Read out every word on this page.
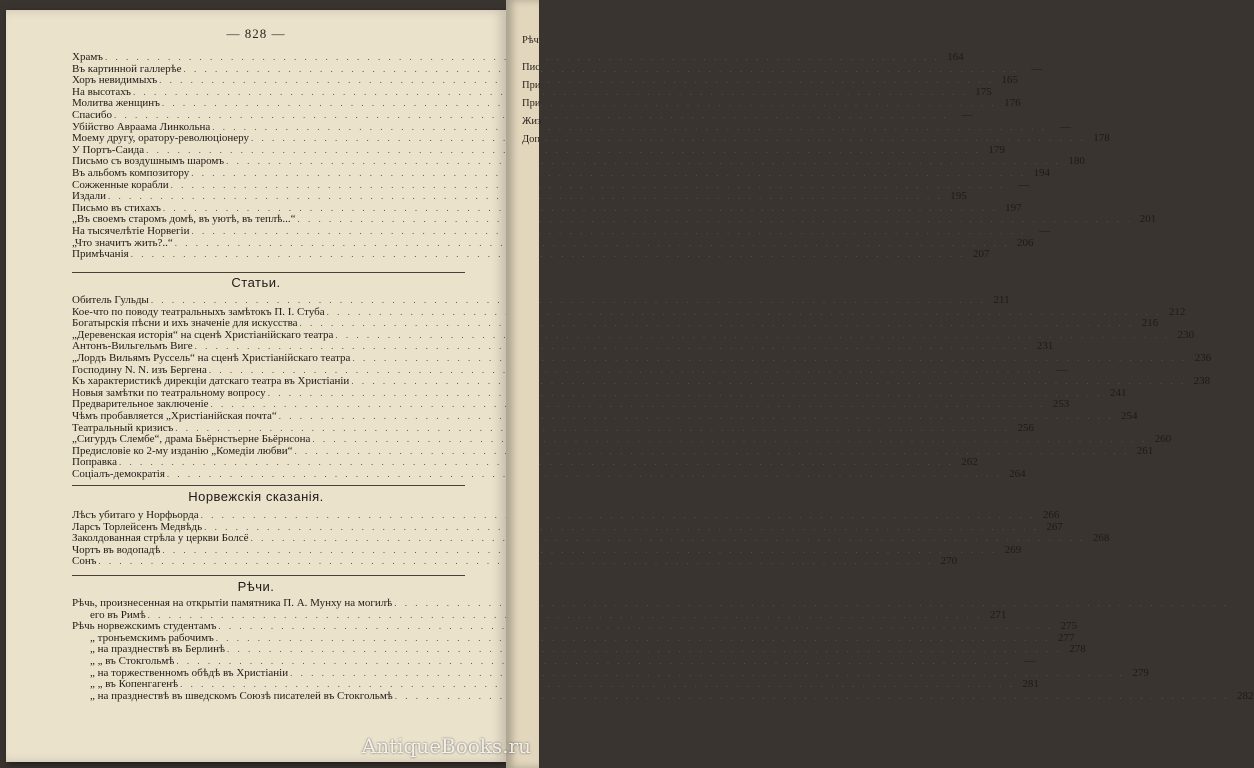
— 828 —
Храмъ . . .	164
Въ картинной галлерѣе . . .	—
Хоръ невидимыхъ . . .	165
На высотахъ . . .	175
Молитва женщинъ . . .	176
Спасибо . . .	—
Убійство Авраама Линкольна . . .	—
Моему другу, оратору-революціонеру . . .	178
У Портъ-Саида . . .	179
Письмо съ воздушнымъ шаромъ . . .	180
Въ альбомъ композитору . . .	194
Сожженные корабли . . .	—
Издали . . .	195
Письмо въ стихахъ . . .	197
„Въ своемъ старомъ домѣ, въ уютѣ, въ теплѣ...“ . . .	201
На тысячелѣтіе Норвегіи . . .	—
„Что значитъ жить?..“ . . .	206
Примѣчанія . . .	207
Статьи.
Обитель Гульды . . .	211
Кое-что по поводу театральныхъ замѣтокъ П. І. Стуба . . .	212
Богатырскія пѣсни и ихъ значеніе для искусства . . .	216
„Деревенская исторія“ на сценѣ Христіанійскаго театра . . .	230
Антонъ-Вильгельмъ Виге . . .	231
„Лордъ Вильямъ Руссель“ на сценѣ Христіанійскаго театра . . .	236
Господину N. N. изъ Бергена . . .	—
Къ характеристикѣ дирекціи датскаго театра въ Христіаніи . . .	238
Новыя замѣтки по театральному вопросу . . .	241
Предварительное заключеніе . . .	253
Чѣмъ пробавляется „Христіанійская почта“ . . .	254
Театральный кризисъ . . .	256
„Сигурдъ Слембе“, драма Бьёрнстьерне Бьёрнсона . . .	260
Предисловіе ко 2-му изданію „Комедіи любви“ . . .	261
Поправка . . .	262
Соціалъ-демократія . . .	264
Норвежскія сказанія.
Лѣсъ убитаго у Норфьорда . . .	266
Ларсъ Торлейсенъ Медвѣдь . . .	267
Заколдованная стрѣла у церкви Болсё . . .	268
Чортъ въ водопадѣ . . .	269
Сонъ . . .	270
Рѣчи.
Рѣчь, произнесенная на открытіи памятника П. А. Мунху на могилѣ
. . .
его въ Римѣ . . .	271
Рѣчь норвежскимъ студентамъ . . .	275
„ тронъемскимъ рабочимъ . . .	277
„ на празднествѣ въ Берлинѣ . . .	278
„ „ въ Стокгольмѣ . . .	—
„ на торжественномъ обѣдѣ въ Христіаніи . . .	279
„ „ въ Копенгагенѣ . . .	281
„ на празднествѣ въ шведскомъ Союзѣ писателей въ Стокгольмѣ . . .	282
Рѣч
Пис
При
При
Жиз
Доп
AntiqueBooks.ru
